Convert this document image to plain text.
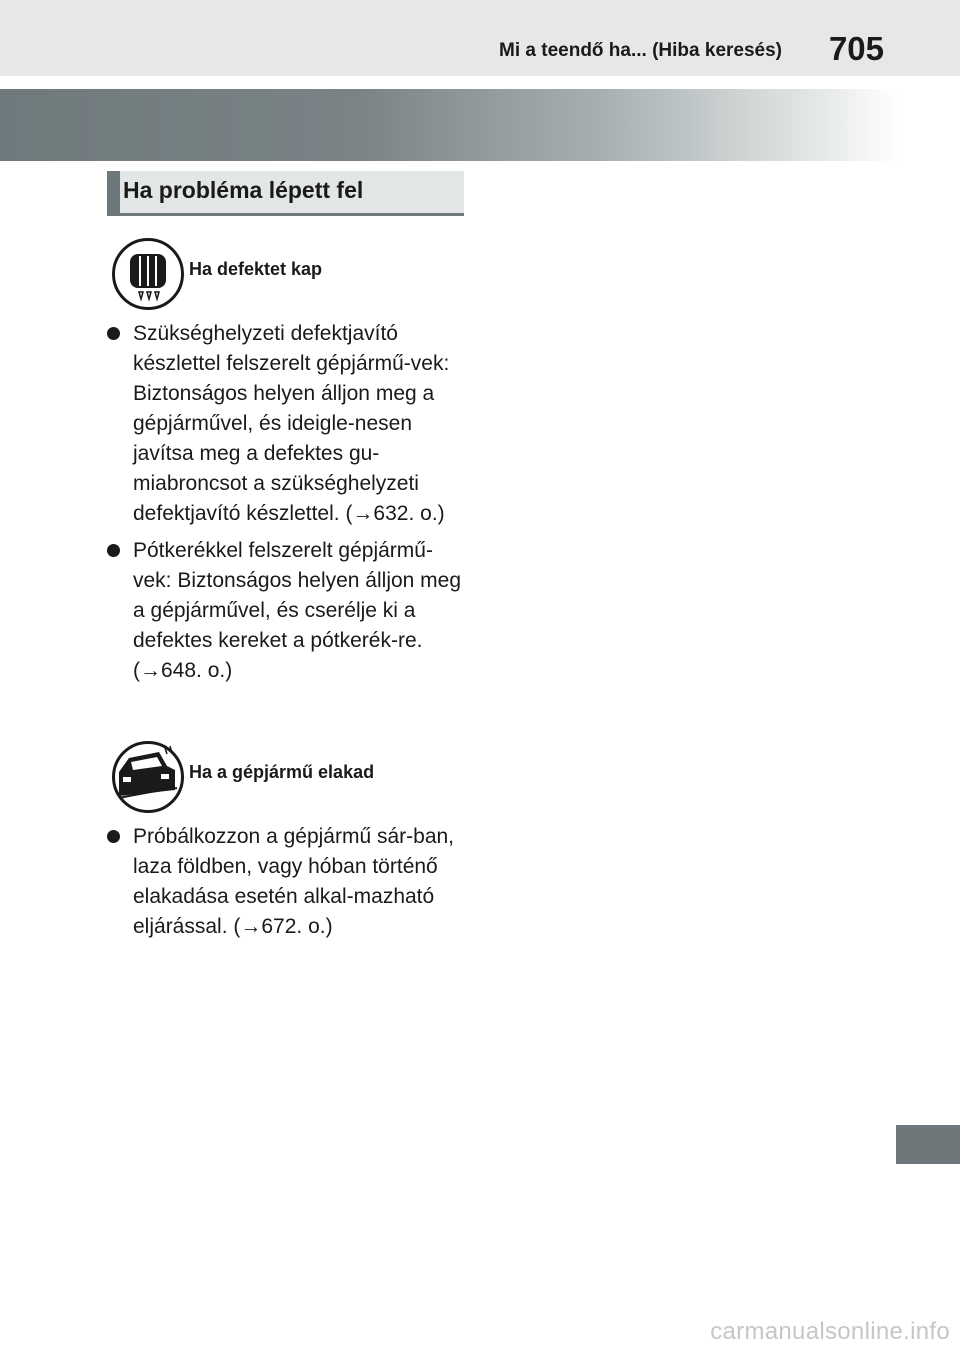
Mi a teendő ha... (Hiba keresés) 705
Ha probléma lépett fel
Ha defektet kap
Szükséghelyzeti defektjavító készlettel felszerelt gépjármű-vek: Biztonságos helyen álljon meg a gépjárművel, és ideigle-nesen javítsa meg a defektes gu-miabroncsot a szükséghelyzeti defektjavító készlettel. (→632. o.)
Pótkerékkel felszerelt gépjármű-vek: Biztonságos helyen álljon meg a gépjárművel, és cserélje ki a defektes kereket a pótkerék-re. (→648. o.)
Ha a gépjármű elakad
Próbálkozzon a gépjármű sár-ban, laza földben, vagy hóban történő elakadása esetén alkal-mazható eljárással. (→672. o.)
carmanualsonline.info
